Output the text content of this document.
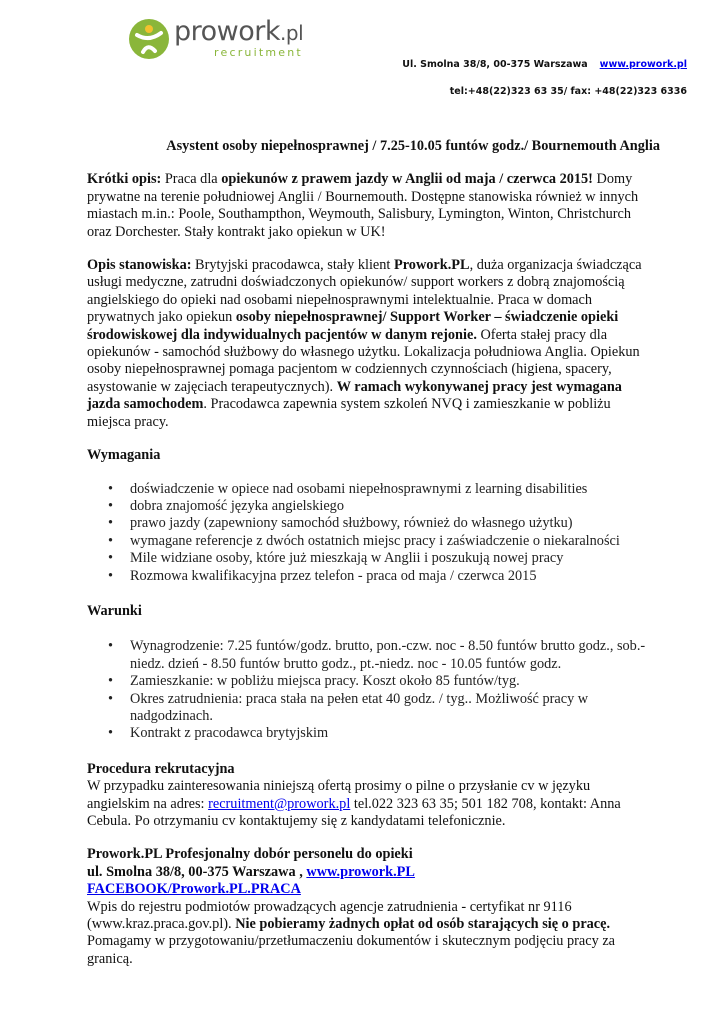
prowork.pl
recruitment
Ul. Smolna 38/8, 00-375 Warszawa www.prowork.pl
tel:+48(22)323 63 35/ fax: +48(22)323 6336

Asystent osoby niepełnosprawnej / 7.25-10.05 funtów godz./ Bournemouth Anglia

Krótki opis: Praca dla opiekunów z prawem jazdy w Anglii od maja / czerwca 2015! Domy prywatne na terenie południowej Anglii / Bournemouth. Dostępne stanowiska również w innych miastach m.in.: Poole, Southampthon, Weymouth, Salisbury, Lymington, Winton, Christchurch oraz Dorchester. Stały kontrakt jako opiekun w UK!

Opis stanowiska: Brytyjski pracodawca, stały klient Prowork.PL, duża organizacja świadcząca usługi medyczne, zatrudni doświadczonych opiekunów/ support workers z dobrą znajomością angielskiego do opieki nad osobami niepełnosprawnymi intelektualnie. Praca w domach prywatnych jako opiekun osoby niepełnosprawnej/ Support Worker – świadczenie opieki środowiskowej dla indywidualnych pacjentów w danym rejonie. Oferta stałej pracy dla opiekunów - samochód służbowy do własnego użytku. Lokalizacja południowa Anglia. Opiekun osoby niepełnosprawnej pomaga pacjentom w codziennych czynnościach (higiena, spacery, asystowanie w zajęciach terapeutycznych). W ramach wykonywanej pracy jest wymagana jazda samochodem. Pracodawca zapewnia system szkoleń NVQ i zamieszkanie w pobliżu miejsca pracy.

Wymagania

• doświadczenie w opiece nad osobami niepełnosprawnymi z learning disabilities
• dobra znajomość języka angielskiego
• prawo jazdy (zapewniony samochód służbowy, również do własnego użytku)
• wymagane referencje z dwóch ostatnich miejsc pracy i zaświadczenie o niekaralności
• Mile widziane osoby, które już mieszkają w Anglii i poszukują nowej pracy
• Rozmowa kwalifikacyjna przez telefon - praca od maja / czerwca 2015

Warunki

• Wynagrodzenie: 7.25 funtów/godz. brutto, pon.-czw. noc - 8.50 funtów brutto godz., sob.-niedz. dzień - 8.50 funtów brutto godz., pt.-niedz. noc - 10.05 funtów godz.
• Zamieszkanie: w pobliżu miejsca pracy. Koszt około 85 funtów/tyg.
• Okres zatrudnienia: praca stała na pełen etat 40 godz. / tyg.. Możliwość pracy w nadgodzinach.
• Kontrakt z pracodawca brytyjskim

Procedura rekrutacyjna

W przypadku zainteresowania niniejszą ofertą prosimy o pilne o przysłanie cv w języku angielskim na adres: recruitment@prowork.pl tel.022 323 63 35; 501 182 708, kontakt: Anna Cebula. Po otrzymaniu cv kontaktujemy się z kandydatami telefonicznie.

Prowork.PL Profesjonalny dobór personelu do opieki

ul. Smolna 38/8, 00-375 Warszawa , www.prowork.PL

FACEBOOK/Prowork.PL.PRACA

Wpis do rejestru podmiotów prowadzących agencje zatrudnienia - certyfikat nr 9116 (www.kraz.praca.gov.pl). Nie pobieramy żadnych opłat od osób starających się o pracę. Pomagamy w przygotowaniu/przetłumaczeniu dokumentów i skutecznym podjęciu pracy za granicą.
